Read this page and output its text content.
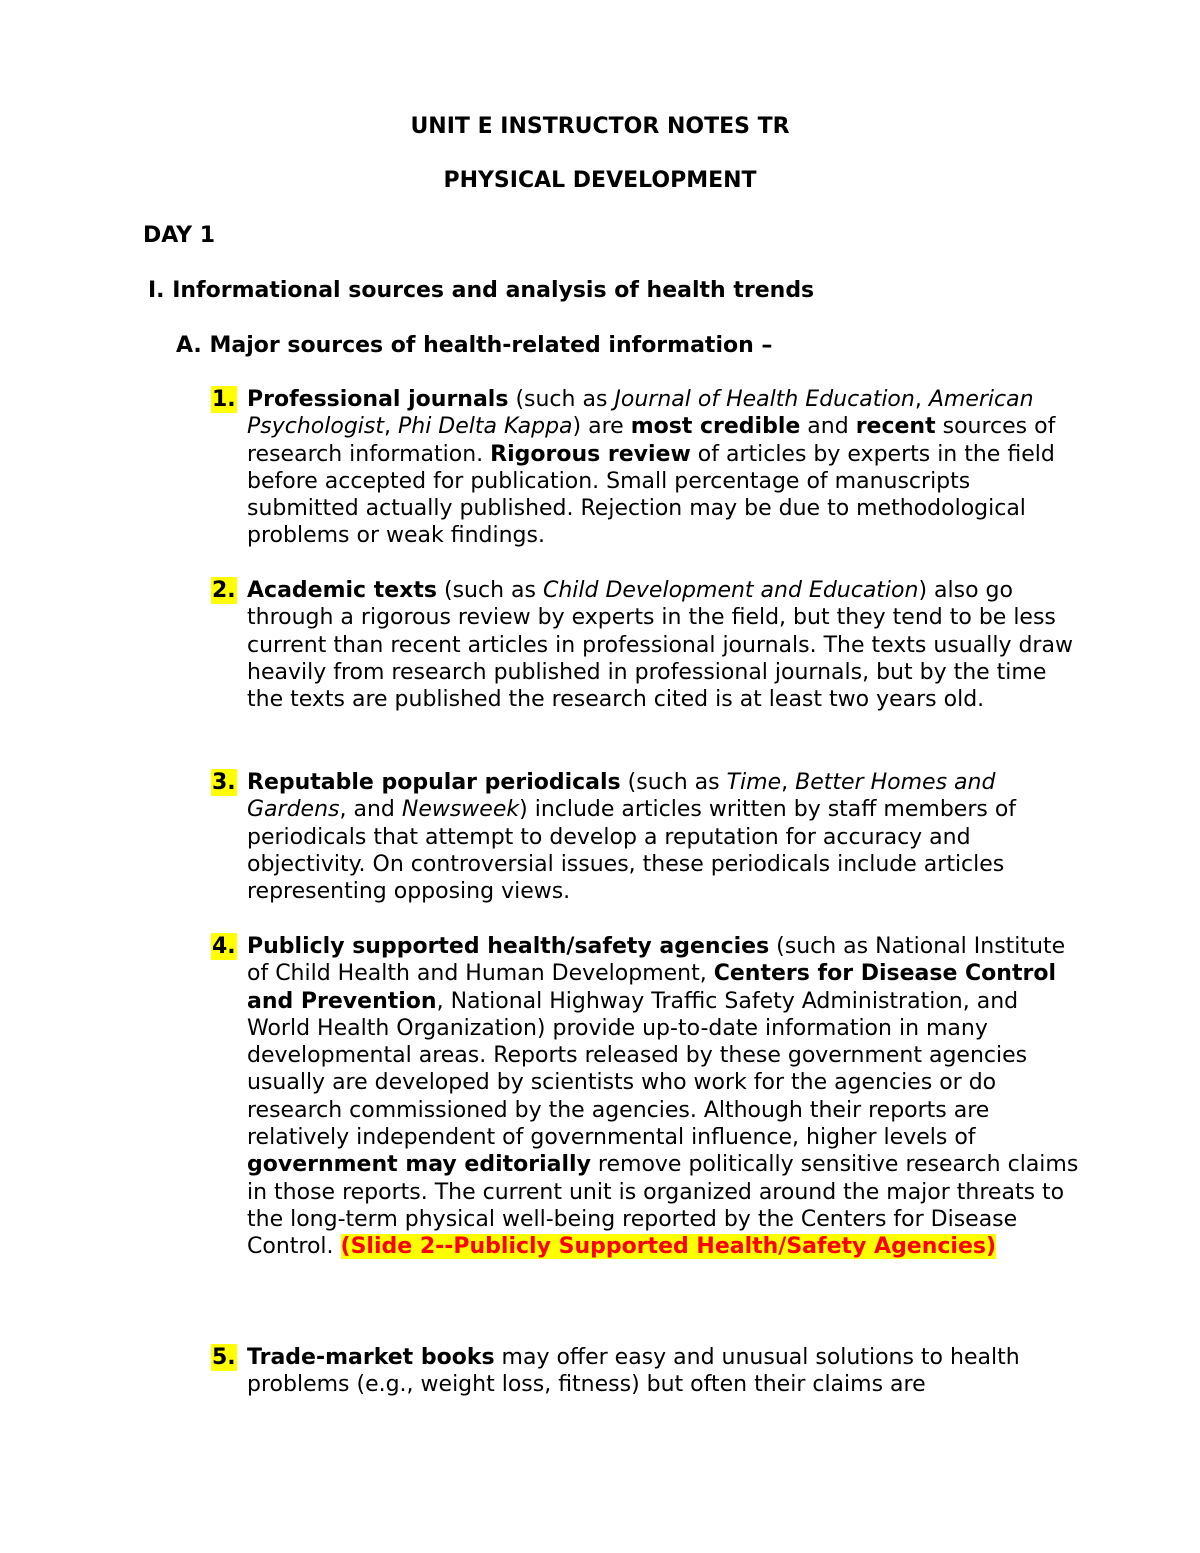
UNIT E INSTRUCTOR NOTES TR
PHYSICAL DEVELOPMENT
DAY 1
I. Informational sources and analysis of health trends
A. Major sources of health-related information –
1. Professional journals (such as Journal of Health Education, American Psychologist, Phi Delta Kappa) are most credible and recent sources of research information. Rigorous review of articles by experts in the field before accepted for publication. Small percentage of manuscripts submitted actually published. Rejection may be due to methodological problems or weak findings.
2. Academic texts (such as Child Development and Education) also go through a rigorous review by experts in the field, but they tend to be less current than recent articles in professional journals. The texts usually draw heavily from research published in professional journals, but by the time the texts are published the research cited is at least two years old.
3. Reputable popular periodicals (such as Time, Better Homes and Gardens, and Newsweek) include articles written by staff members of periodicals that attempt to develop a reputation for accuracy and objectivity. On controversial issues, these periodicals include articles representing opposing views.
4. Publicly supported health/safety agencies (such as National Institute of Child Health and Human Development, Centers for Disease Control and Prevention, National Highway Traffic Safety Administration, and World Health Organization) provide up-to-date information in many developmental areas. Reports released by these government agencies usually are developed by scientists who work for the agencies or do research commissioned by the agencies. Although their reports are relatively independent of governmental influence, higher levels of government may editorially remove politically sensitive research claims in those reports. The current unit is organized around the major threats to the long-term physical well-being reported by the Centers for Disease Control. (Slide 2--Publicly Supported Health/Safety Agencies)
5. Trade-market books may offer easy and unusual solutions to health problems (e.g., weight loss, fitness) but often their claims are
